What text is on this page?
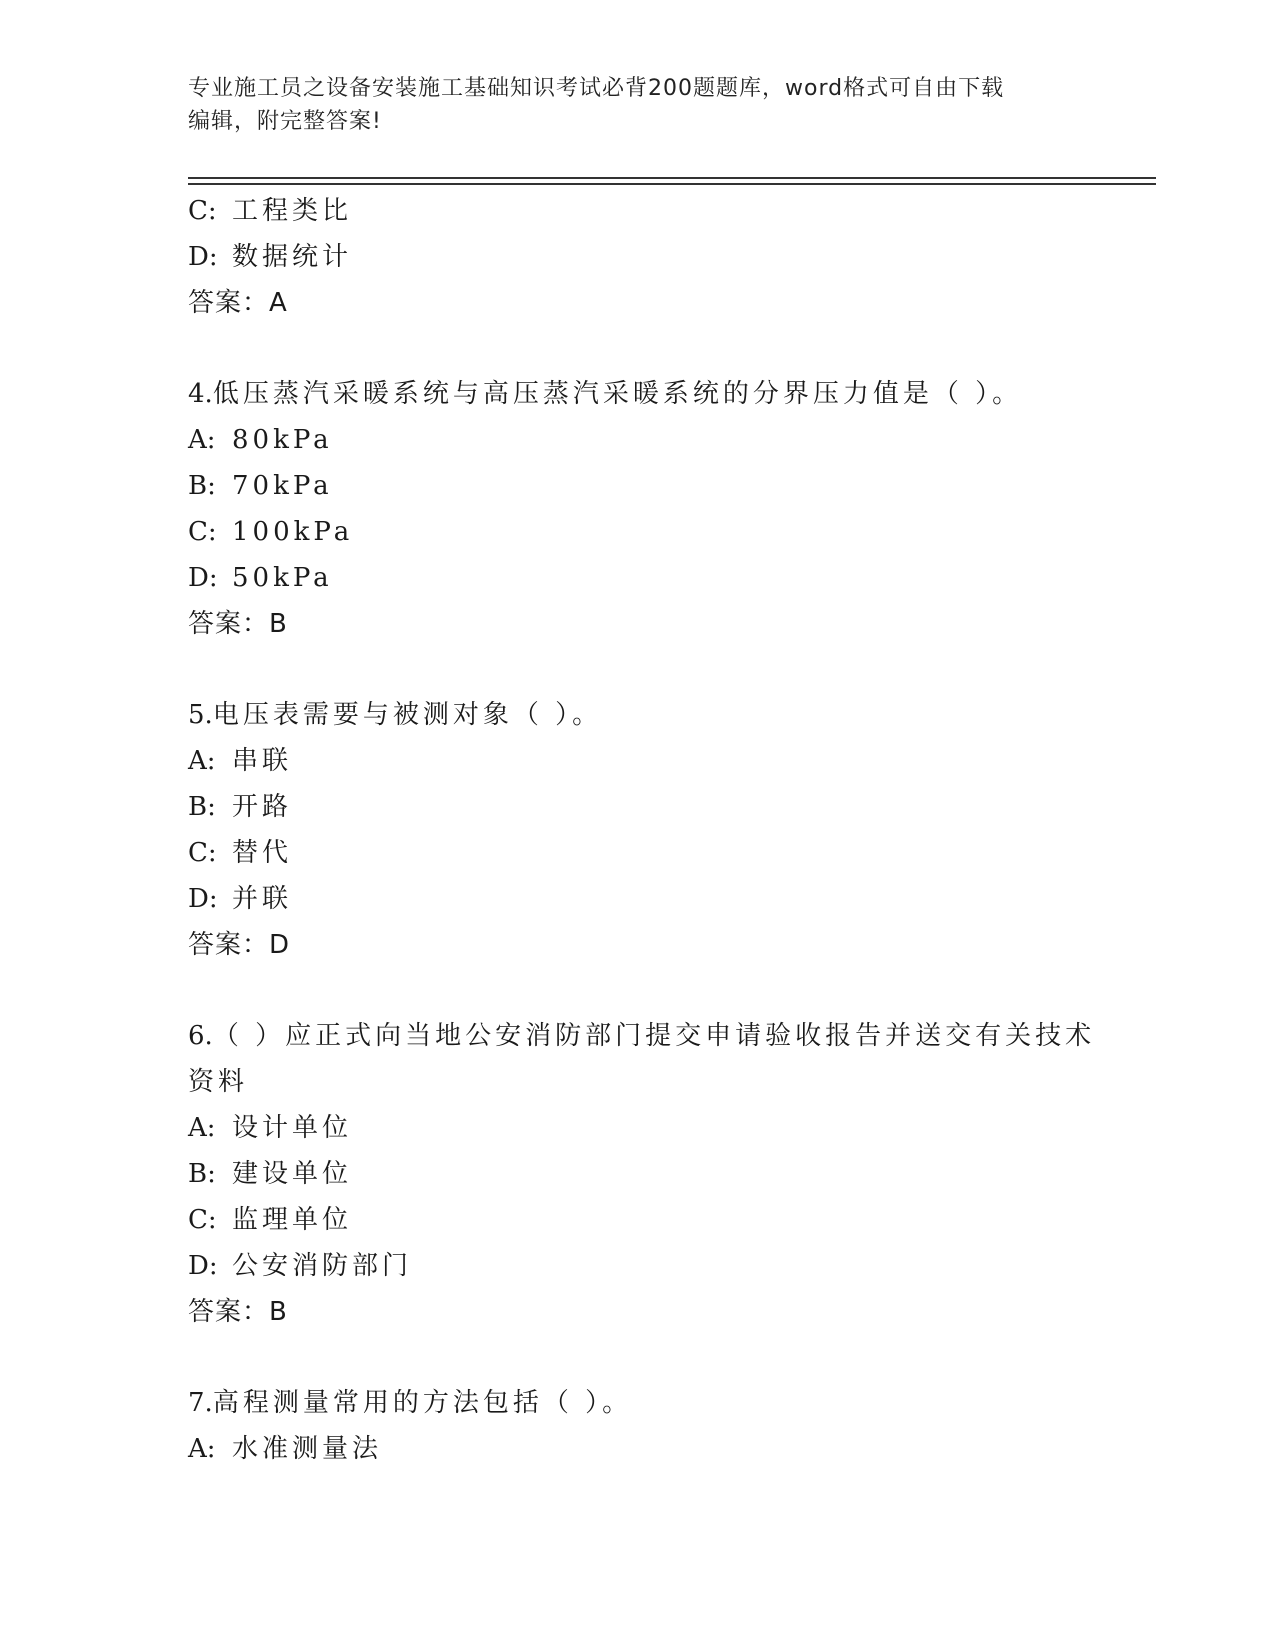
专业施工员之设备安装施工基础知识考试必背200题题库，word格式可自由下载
编辑，附完整答案!
C: 工程类比
D: 数据统计
答案：A
4.低压蒸汽采暖系统与高压蒸汽采暖系统的分界压力值是（ ）。
A: 80kPa
B: 70kPa
C: 100kPa
D: 50kPa
答案：B
5.电压表需要与被测对象（ ）。
A: 串联
B: 开路
C: 替代
D: 并联
答案：D
6.（ ）应正式向当地公安消防部门提交申请验收报告并送交有关技术
资料
A: 设计单位
B: 建设单位
C: 监理单位
D: 公安消防部门
答案：B
7.高程测量常用的方法包括（ ）。
A: 水准测量法
